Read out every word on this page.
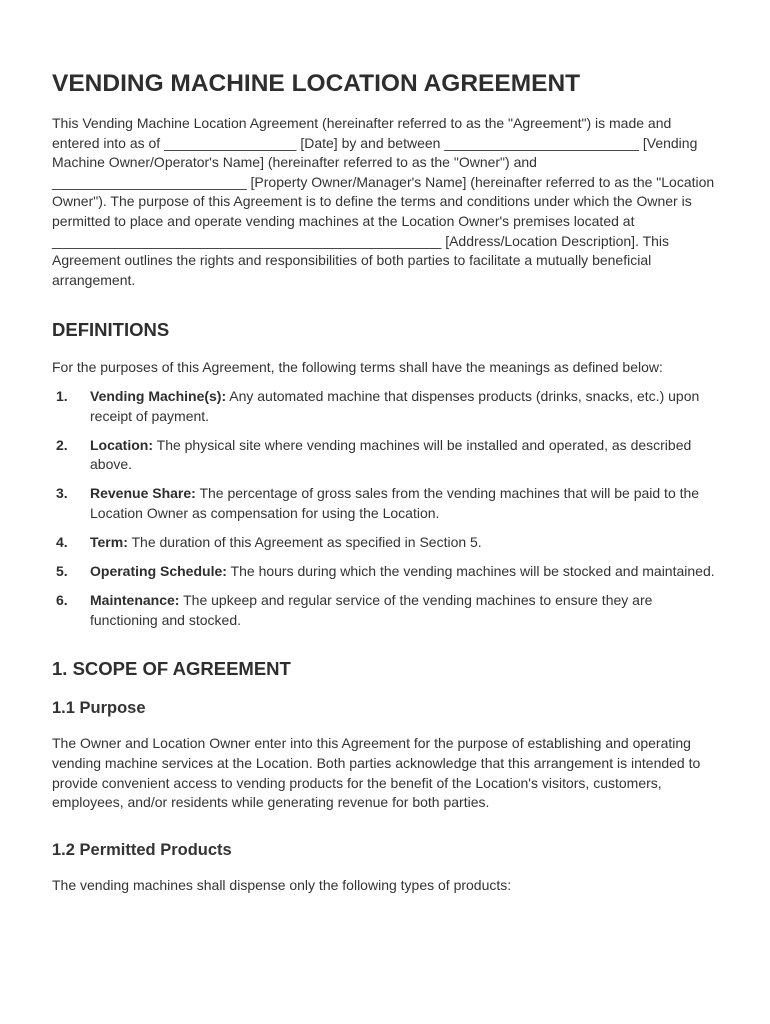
VENDING MACHINE LOCATION AGREEMENT

This Vending Machine Location Agreement (hereinafter referred to as the "Agreement") is made and entered into as of _________________ [Date] by and between _________________________ [Vending Machine Owner/Operator's Name] (hereinafter referred to as the "Owner") and _________________________ [Property Owner/Manager's Name] (hereinafter referred to as the "Location Owner"). The purpose of this Agreement is to define the terms and conditions under which the Owner is permitted to place and operate vending machines at the Location Owner's premises located at __________________________________________________ [Address/Location Description]. This Agreement outlines the rights and responsibilities of both parties to facilitate a mutually beneficial arrangement.

DEFINITIONS

For the purposes of this Agreement, the following terms shall have the meanings as defined below:

1. Vending Machine(s): Any automated machine that dispenses products (drinks, snacks, etc.) upon receipt of payment.
2. Location: The physical site where vending machines will be installed and operated, as described above.
3. Revenue Share: The percentage of gross sales from the vending machines that will be paid to the Location Owner as compensation for using the Location.
4. Term: The duration of this Agreement as specified in Section 5.
5. Operating Schedule: The hours during which the vending machines will be stocked and maintained.
6. Maintenance: The upkeep and regular service of the vending machines to ensure they are functioning and stocked.
1. SCOPE OF AGREEMENT
1.1 Purpose

The Owner and Location Owner enter into this Agreement for the purpose of establishing and operating vending machine services at the Location. Both parties acknowledge that this arrangement is intended to provide convenient access to vending products for the benefit of the Location's visitors, customers, employees, and/or residents while generating revenue for both parties.

1.2 Permitted Products

The vending machines shall dispense only the following types of products:
